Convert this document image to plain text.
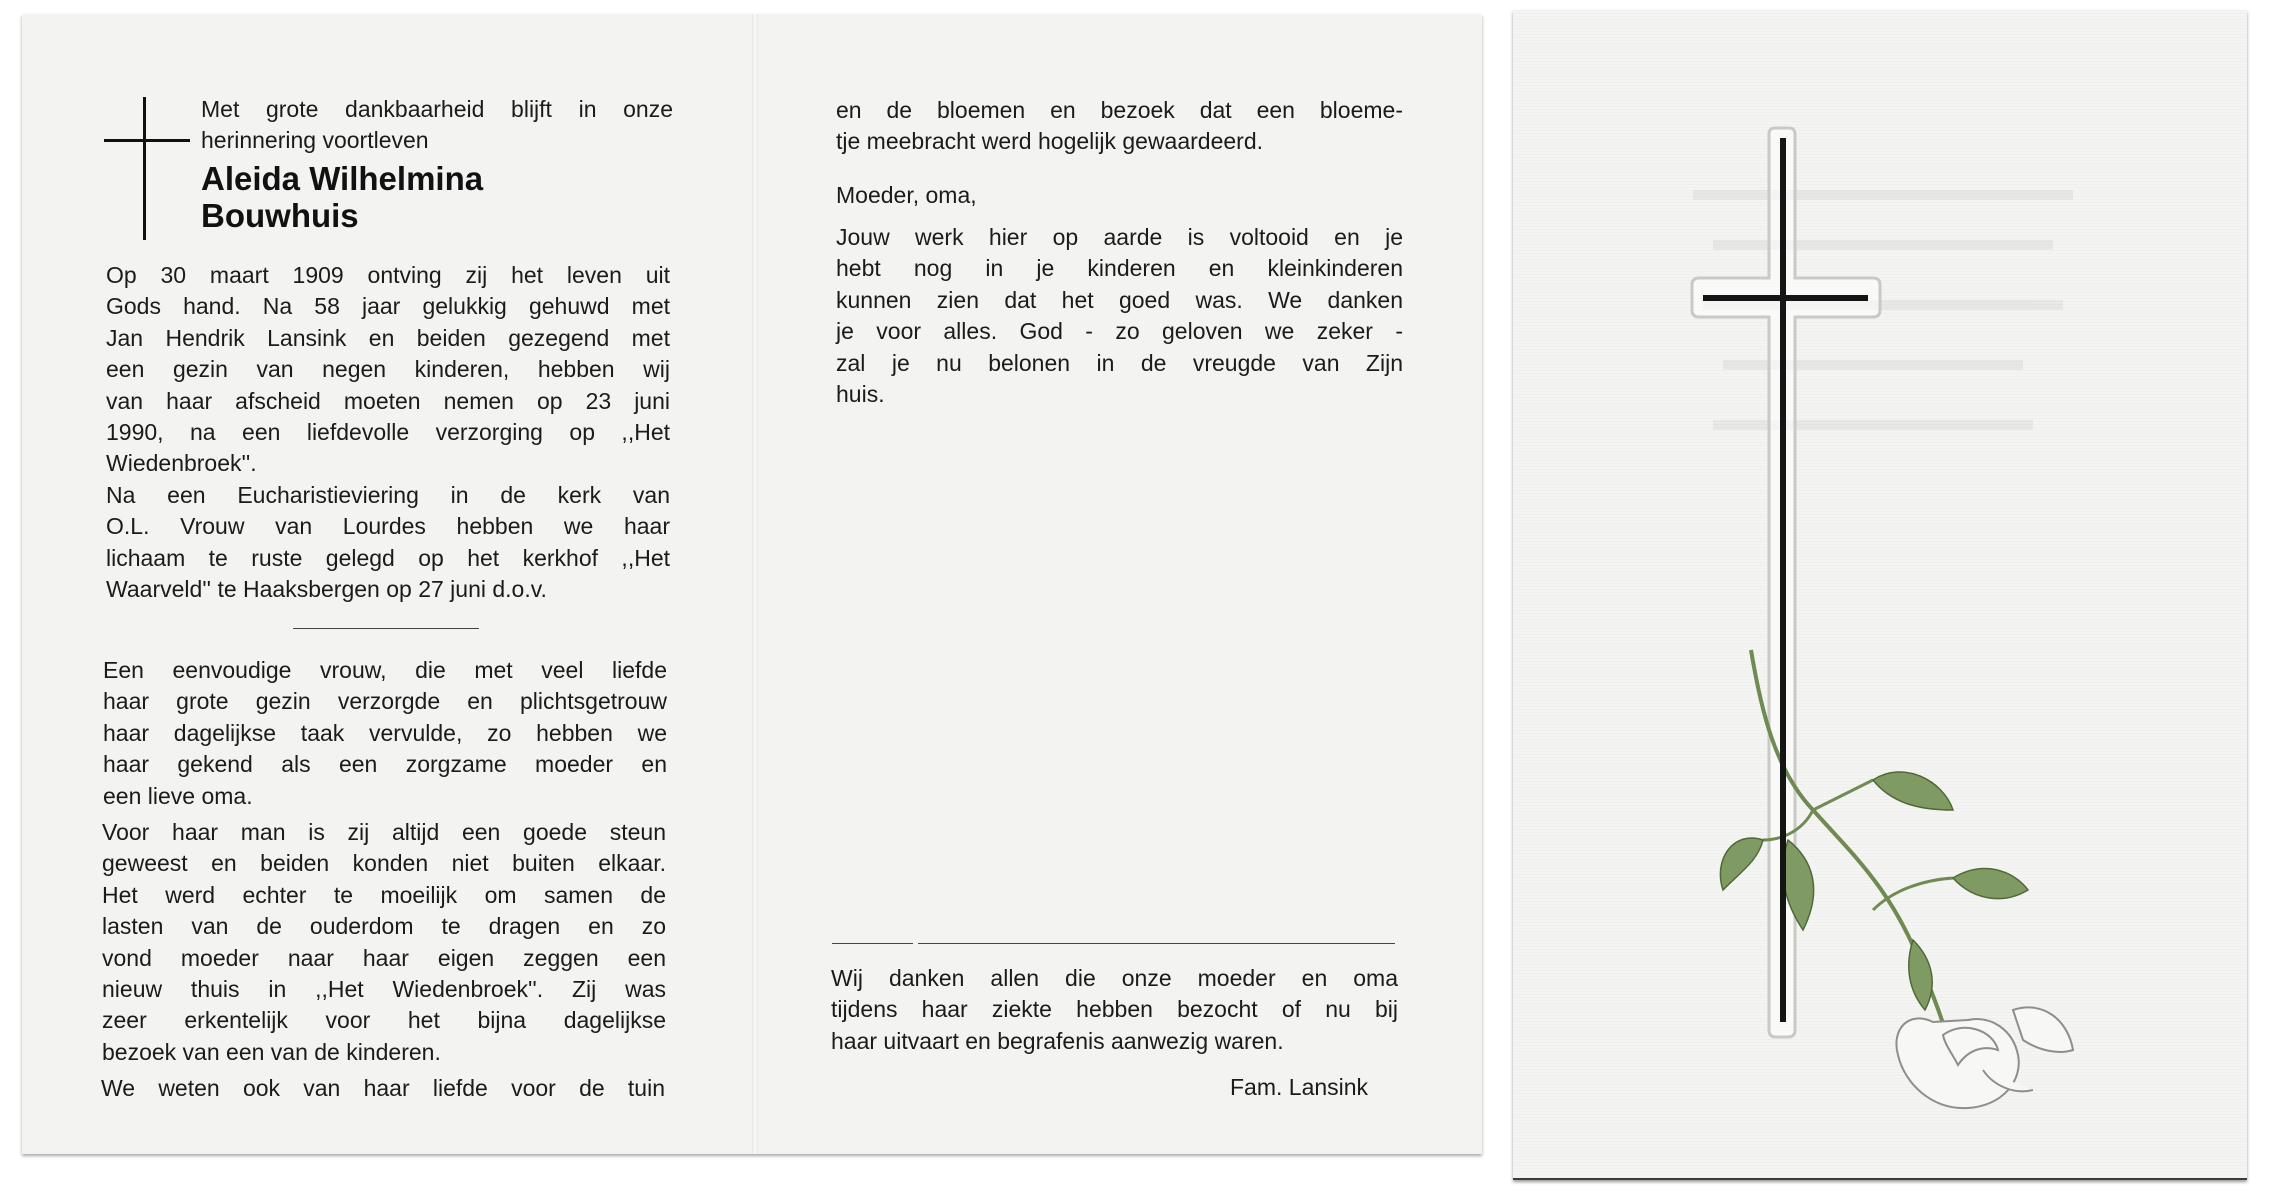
Met grote dankbaarheid blijft in onze
herinnering voortleven
Aleida Wilhelmina
Bouwhuis
Op 30 maart 1909 ontving zij het leven uit
Gods hand. Na 58 jaar gelukkig gehuwd met
Jan Hendrik Lansink en beiden gezegend met
een gezin van negen kinderen, hebben wij
van haar afscheid moeten nemen op 23 juni
1990, na een liefdevolle verzorging op ,,Het
Wiedenbroek''.
Na een Eucharistieviering in de kerk van
O.L. Vrouw van Lourdes hebben we haar
lichaam te ruste gelegd op het kerkhof ,,Het
Waarveld'' te Haaksbergen op 27 juni d.o.v.
Een eenvoudige vrouw, die met veel liefde
haar grote gezin verzorgde en plichtsgetrouw
haar dagelijkse taak vervulde, zo hebben we
haar gekend als een zorgzame moeder en
een lieve oma.
Voor haar man is zij altijd een goede steun
geweest en beiden konden niet buiten elkaar.
Het werd echter te moeilijk om samen de
lasten van de ouderdom te dragen en zo
vond moeder naar haar eigen zeggen een
nieuw thuis in ,,Het Wiedenbroek''. Zij was
zeer erkentelijk voor het bijna dagelijkse
bezoek van een van de kinderen.
We weten ook van haar liefde voor de tuin
en de bloemen en bezoek dat een bloeme-
tje meebracht werd hogelijk gewaardeerd.
Moeder, oma,
Jouw werk hier op aarde is voltooid en je
hebt nog in je kinderen en kleinkinderen
kunnen zien dat het goed was. We danken
je voor alles. God - zo geloven we zeker -
zal je nu belonen in de vreugde van Zijn
huis.
Wij danken allen die onze moeder en oma
tijdens haar ziekte hebben bezocht of nu bij
haar uitvaart en begrafenis aanwezig waren.
Fam. Lansink
